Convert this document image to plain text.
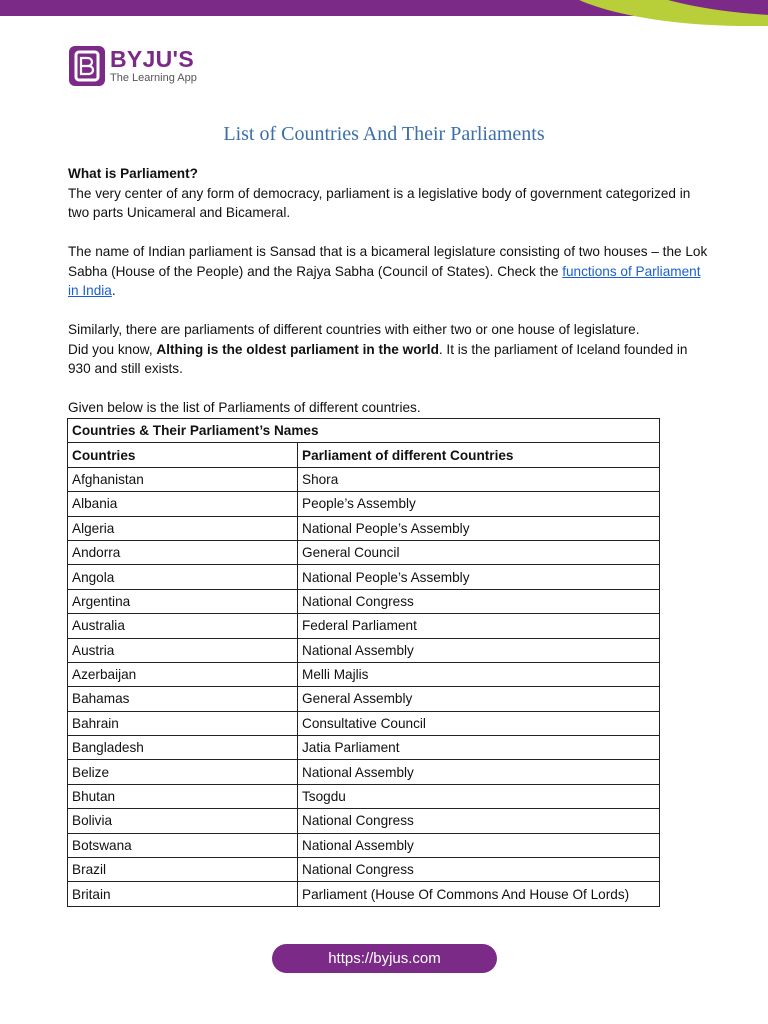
BYJU'S
The Learning App
List of Countries And Their Parliaments
What is Parliament?
The very center of any form of democracy, parliament is a legislative body of government categorized in two parts Unicameral and Bicameral.
The name of Indian parliament is Sansad that is a bicameral legislature consisting of two houses – the Lok Sabha (House of the People) and the Rajya Sabha (Council of States). Check the functions of Parliament in India.
Similarly, there are parliaments of different countries with either two or one house of legislature.
Did you know, Althing is the oldest parliament in the world. It is the parliament of Iceland founded in 930 and still exists.
Given below is the list of Parliaments of different countries.
Countries & Their Parliament’s Names	
Countries	Parliament of different Countries
Afghanistan	Shora
Albania	People’s Assembly
Algeria	National People’s Assembly
Andorra	General Council
Angola	National People’s Assembly
Argentina	National Congress
Australia	Federal Parliament
Austria	National Assembly
Azerbaijan	Melli Majlis
Bahamas	General Assembly
Bahrain	Consultative Council
Bangladesh	Jatia Parliament
Belize	National Assembly
Bhutan	Tsogdu
Bolivia	National Congress
Botswana	National Assembly
Brazil	National Congress
Britain	Parliament (House Of Commons And House Of Lords)
https://byjus.com
